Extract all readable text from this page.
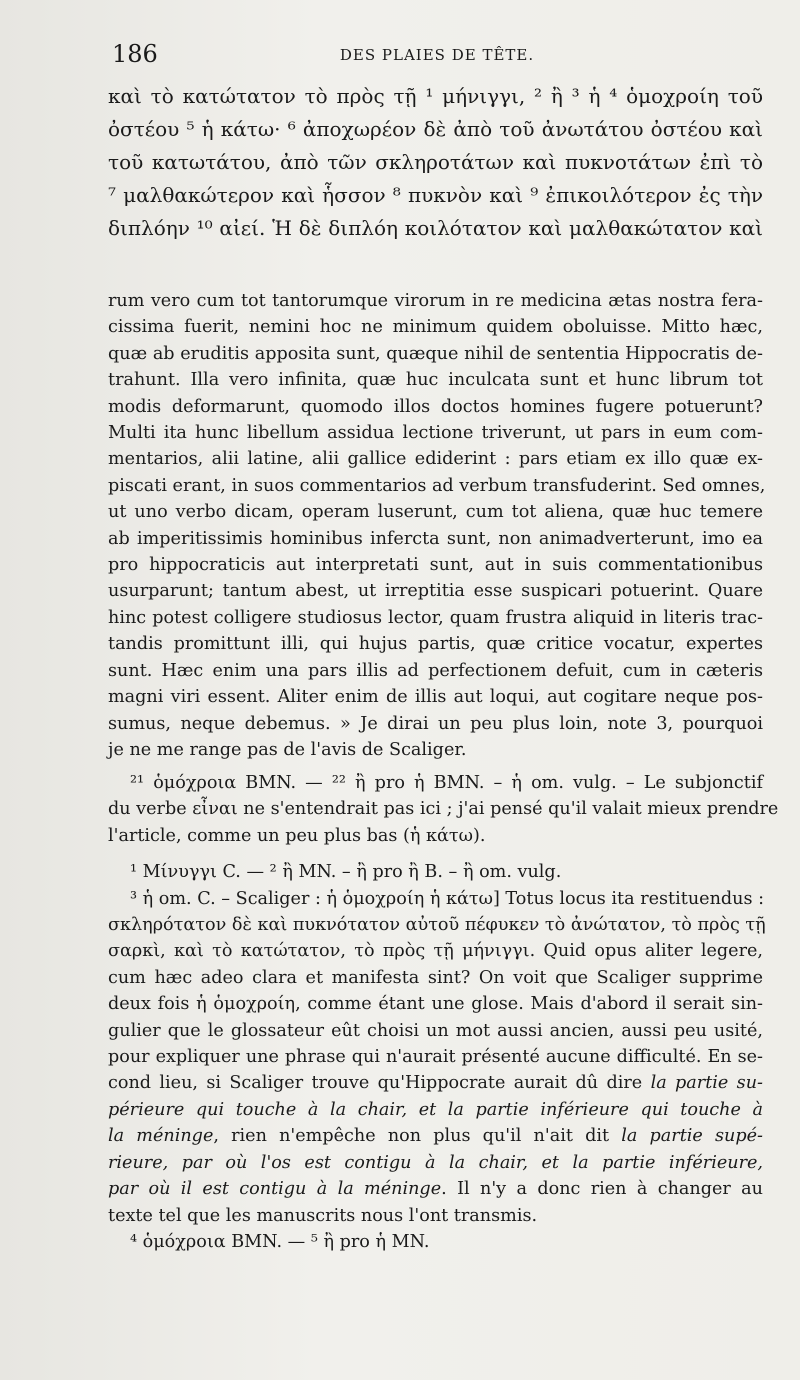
186	DES PLAIES DE TÊTE.
καὶ τὸ κατώτατον τὸ πρὸς τῇ ¹ μήνιγγι, ² ἢ ³ ἡ ⁴ ὁμοχροίη τοῦ
ὀστέου ⁵ ἡ κάτω· ⁶ ἀποχωρέον δὲ ἀπὸ τοῦ ἀνωτάτου ὀστέου καὶ
τοῦ κατωτάτου, ἀπὸ τῶν σκληροτάτων καὶ πυκνοτάτων ἐπὶ τὸ
⁷ μαλθακώτερον καὶ ἧσσον ⁸ πυκνὸν καὶ ⁹ ἐπικοιλότερον ἐς τὴν
διπλόην ¹⁰ αἰεί. Ἡ δὲ διπλόη κοιλότατον καὶ μαλθακώτατον καὶ
rum vero cum tot tantorumque virorum in re medicina ætas nostra fera-
cissima fuerit, nemini hoc ne minimum quidem oboluisse. Mitto hæc,
quæ ab eruditis apposita sunt, quæque nihil de sententia Hippocratis de-
trahunt. Illa vero infinita, quæ huc inculcata sunt et hunc librum tot
modis deformarunt, quomodo illos doctos homines fugere potuerunt?
Multi ita hunc libellum assidua lectione triverunt, ut pars in eum com-
mentarios, alii latine, alii gallice ediderint : pars etiam ex illo quæ ex-
piscati erant, in suos commentarios ad verbum transfuderint. Sed omnes,
ut uno verbo dicam, operam luserunt, cum tot aliena, quæ huc temere
ab imperitissimis hominibus infercta sunt, non animadverterunt, imo ea
pro hippocraticis aut interpretati sunt, aut in suis commentationibus
usurparunt; tantum abest, ut irreptitia esse suspicari potuerint. Quare
hinc potest colligere studiosus lector, quam frustra aliquid in literis trac-
tandis promittunt illi, qui hujus partis, quæ critice vocatur, expertes
sunt. Hæc enim una pars illis ad perfectionem defuit, cum in cæteris
magni viri essent. Aliter enim de illis aut loqui, aut cogitare neque pos-
sumus, neque debemus. » Je dirai un peu plus loin, note 3, pourquoi
je ne me range pas de l'avis de Scaliger.
²¹ ὁμόχροια BMN. — ²² ἢ pro ἡ BMN. – ἡ om. vulg. – Le subjonctif
du verbe εἶναι ne s'entendrait pas ici ; j'ai pensé qu'il valait mieux prendre
l'article, comme un peu plus bas (ἡ κάτω).
¹ Μίνυγγι C. — ² ἢ MN. – ἢ pro ἢ B. – ἢ om. vulg.
³ ἡ om. C. – Scaliger : ἡ ὁμοχροίη ἡ κάτω] Totus locus ita restituendus :
σκληρότατον δὲ καὶ πυκνότατον αὐτοῦ πέφυκεν τὸ ἀνώτατον, τὸ πρὸς τῇ
σαρκὶ, καὶ τὸ κατώτατον, τὸ πρὸς τῇ μήνιγγι. Quid opus aliter legere,
cum hæc adeo clara et manifesta sint? On voit que Scaliger supprime
deux fois ἡ ὁμοχροίη, comme étant une glose. Mais d'abord il serait sin-
gulier que le glossateur eût choisi un mot aussi ancien, aussi peu usité,
pour expliquer une phrase qui n'aurait présenté aucune difficulté. En se-
cond lieu, si Scaliger trouve qu'Hippocrate aurait dû dire la partie su-
périeure qui touche à la chair, et la partie inférieure qui touche à
la méninge, rien n'empêche non plus qu'il n'ait dit la partie supé-
rieure, par où l'os est contigu à la chair, et la partie inférieure,
par où il est contigu à la méninge. Il n'y a donc rien à changer au
texte tel que les manuscrits nous l'ont transmis.
⁴ ὁμόχροια BMN. — ⁵ ἢ pro ἡ MN.
